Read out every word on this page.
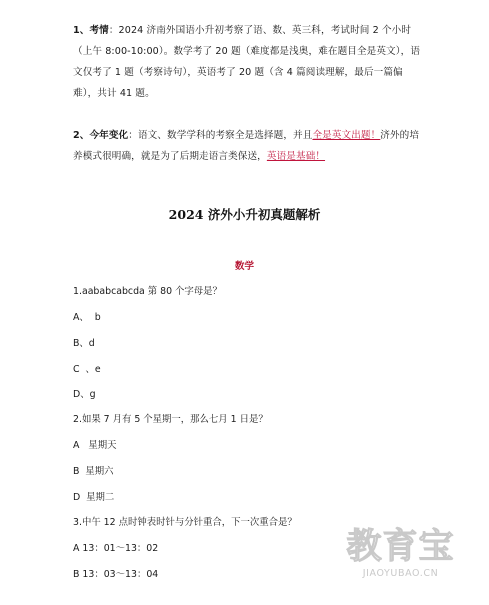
1、考情：2024 济南外国语小升初考察了语、数、英三科，考试时间 2 个小时（上午 8:00-10:00）。数学考了 20 题（难度都是浅奥，难在题目全是英文），语文仅考了 1 题（考察诗句），英语考了 20 题（含 4 篇阅读理解，最后一篇偏难），共计 41 题。
2、今年变化：语文、数学学科的考察全是选择题，并且全是英文出题！济外的培养模式很明确，就是为了后期走语言类保送，英语是基础！
2024 济外小升初真题解析
数学
1.aababcabcda 第 80 个字母是？
A、  b
B、d
C  、e
D、g
2.如果 7 月有 5 个星期一，那么七月 1 日是？
A   星期天
B  星期六
D  星期二
3.中午 12 点时钟表时针与分针重合，下一次重合是？
A 13：01～13：02
B 13：03～13：04
教育宝
JIAOYUBAO.CN
